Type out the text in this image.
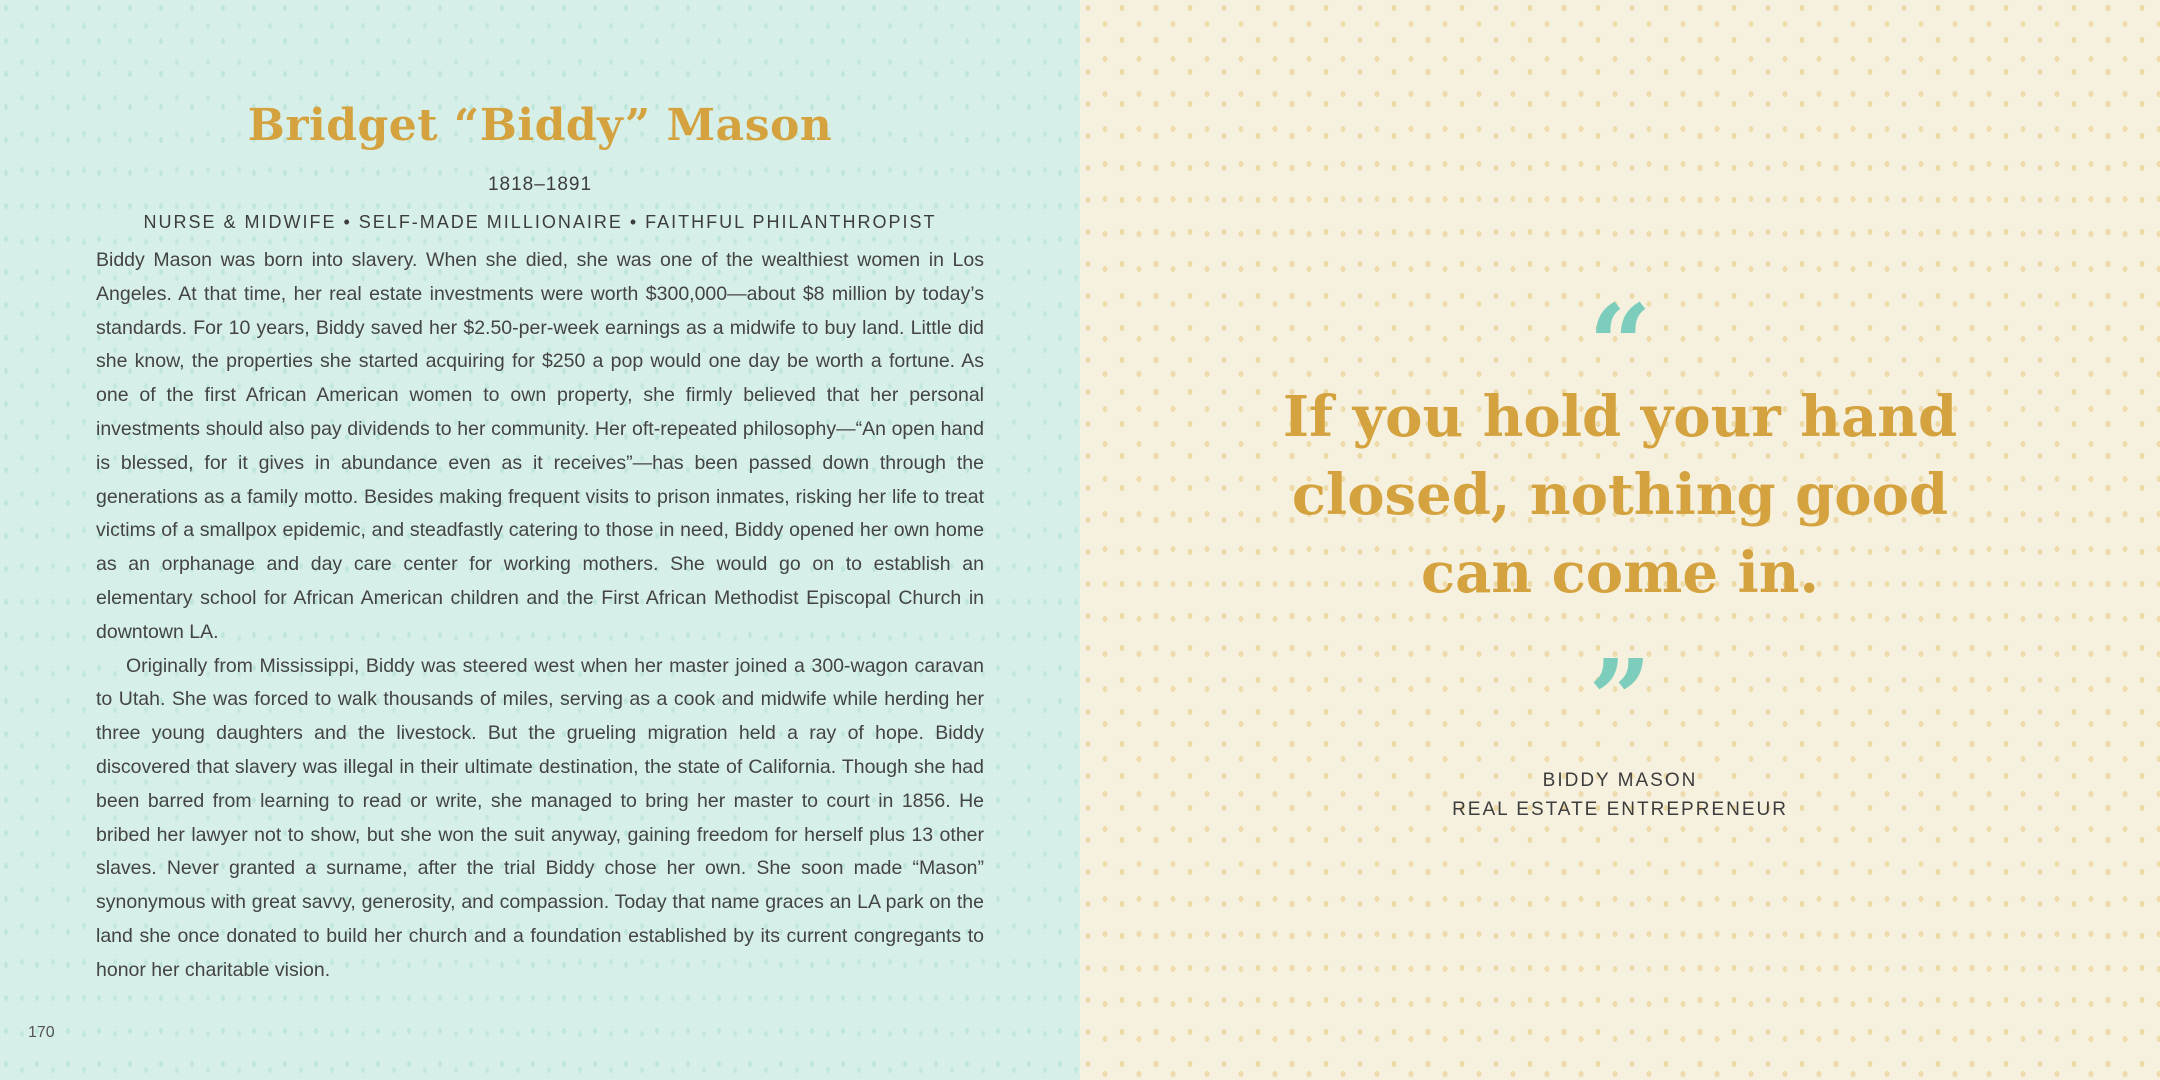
Bridget “Biddy” Mason
1818–1891
NURSE & MIDWIFE • SELF-MADE MILLIONAIRE • FAITHFUL PHILANTHROPIST

Biddy Mason was born into slavery. When she died, she was one of the wealthiest women in Los Angeles. At that time, her real estate investments were worth $300,000—about $8 million by today’s standards. For 10 years, Biddy saved her $2.50-per-week earnings as a midwife to buy land. Little did she know, the properties she started acquiring for $250 a pop would one day be worth a fortune. As one of the first African American women to own property, she firmly believed that her personal investments should also pay dividends to her community. Her oft-repeated philosophy—“An open hand is blessed, for it gives in abundance even as it receives”—has been passed down through the generations as a family motto. Besides making frequent visits to prison inmates, risking her life to treat victims of a smallpox epidemic, and steadfastly catering to those in need, Biddy opened her own home as an orphanage and day care center for working mothers. She would go on to establish an elementary school for African American children and the First African Methodist Episcopal Church in downtown LA.

Originally from Mississippi, Biddy was steered west when her master joined a 300-wagon caravan to Utah. She was forced to walk thousands of miles, serving as a cook and midwife while herding her three young daughters and the livestock. But the grueling migration held a ray of hope. Biddy discovered that slavery was illegal in their ultimate destination, the state of California. Though she had been barred from learning to read or write, she managed to bring her master to court in 1856. He bribed her lawyer not to show, but she won the suit anyway, gaining freedom for herself plus 13 other slaves. Never granted a surname, after the trial Biddy chose her own. She soon made “Mason” synonymous with great savvy, generosity, and compassion. Today that name graces an LA park on the land she once donated to build her church and a foundation established by its current congregants to honor her charitable vision.

170
“
If you hold your hand closed, nothing good can come in.
”
BIDDY MASON
REAL ESTATE ENTREPRENEUR
